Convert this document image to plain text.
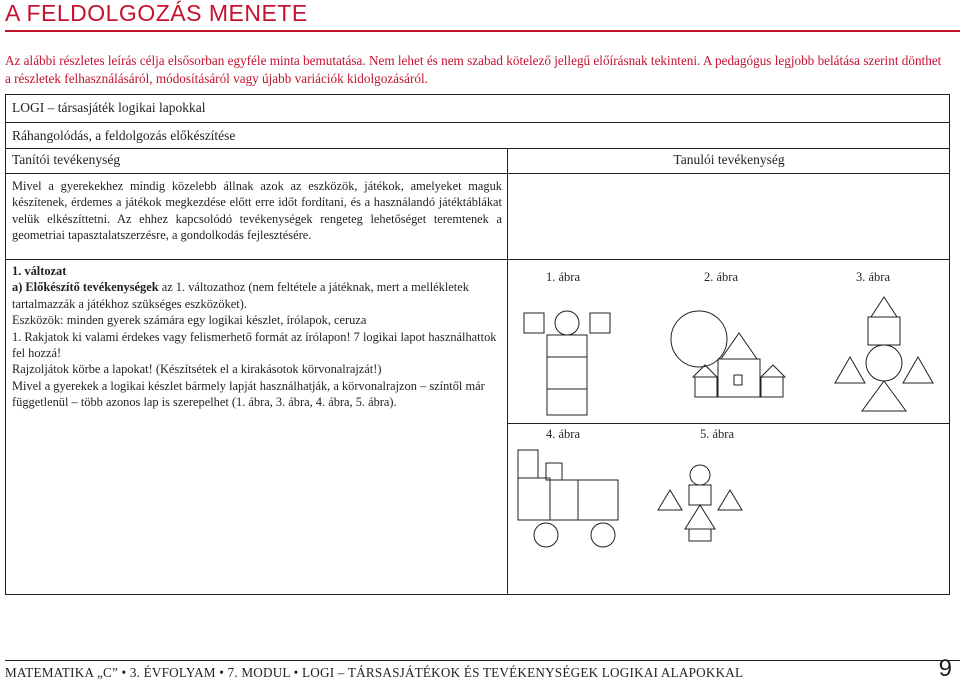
A FELDOLGOZÁS MENETE
Az alábbi részletes leírás célja elsősorban egyféle minta bemutatása. Nem lehet és nem szabad kötelező jellegű előírásnak tekinteni. A pedagógus legjobb belátása szerint dönthet a részletek felhasználásáról, módosításáról vagy újabb variációk kidolgozásáról.
LOGI – társasjáték logikai lapokkal
Ráhangolódás, a feldolgozás előkészítése
Tanítói tevékenység	Tanulói tevékenység
Mivel a gyerekekhez mindig közelebb állnak azok az eszközök, játékok, amelyeket maguk készítenek, érdemes a játékok megkezdése előtt erre időt fordítani, és a használandó játéktáblákat velük elkészíttetni. Az ehhez kapcsolódó tevékenységek rengeteg lehetőséget teremtenek a geometriai tapasztalatszerzésre, a gondolkodás fejlesztésére.

1. változat

a) Előkészítő tevékenységek az 1. változathoz (nem feltétele a játéknak, mert a mellékletek tartalmazzák a játékhoz szükséges eszközöket).

Eszközök: minden gyerek számára egy logikai készlet, írólapok, ceruza

1. Rakjatok ki valami érdekes vagy felismerhető formát az írólapon! 7 logikai lapot használhattok fel hozzá!

Rajzoljátok körbe a lapokat! (Készítsétek el a kirakásotok körvonalrajzát!)

Mivel a gyerekek a logikai készlet bármely lapját használhatják, a körvonalrajzon – színtől már függetlenül – több azonos lap is szerepelhet (1. ábra, 3. ábra, 4. ábra, 5. ábra).

1. ábra	2. ábra	3. ábra
4. ábra	5. ábra
MATEMATIKA „C” • 3. ÉVFOLYAM • 7. MODUL • LOGI – TÁRSASJÁTÉKOK ÉS TEVÉKENYSÉGEK LOGIKAI ALAPOKKAL	9
